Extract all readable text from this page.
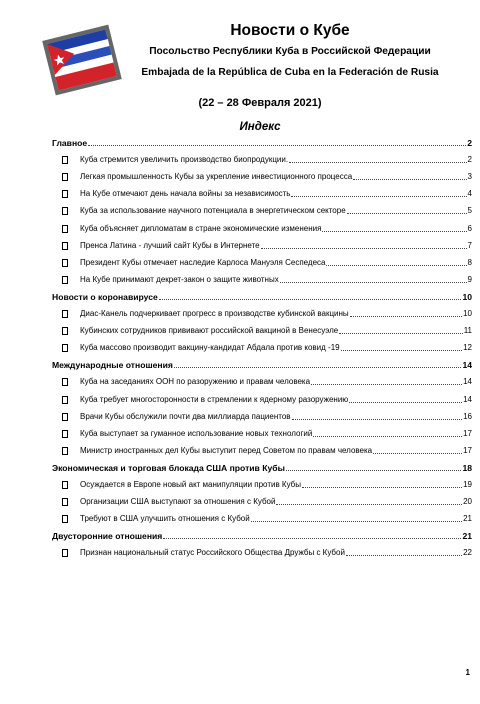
Новости о Кубе
Посольство Республики Куба в Российской Федерации
Embajada de la República de Cuba en la Federación de Rusia
(22 – 28 Февраля 2021)
Индекс
Главное	2
Куба стремится увеличить производство биопродукции.	2
Легкая промышленность Кубы за укрепление инвестиционного процесса	3
На Кубе отмечают день начала войны за независимость	4
Куба за использование научного потенциала в энергетическом секторе	5
Куба объясняет дипломатам в стране экономические изменения	6
Пренса Латина - лучший сайт Кубы в Интернете	7
Президент Кубы отмечает наследие Карлоса Мануэля Сеспедеса	8
На Кубе принимают декрет-закон о защите животных	9
Новости о коронавирусе	10
Диас-Канель подчеркивает прогресс в производстве кубинской вакцины	10
Кубинских сотрудников прививают российской вакциной в Венесуэле	11
Куба массово производит вакцину-кандидат Абдала против ковид -19	12
Международные отношения	14
Куба на заседаниях ООН по разоружению и правам человека	14
Куба требует многосторонности в стремлении к ядерному разоружению	14
Врачи Кубы обслужили почти два миллиарда пациентов	16
Куба выступает за гуманное использование новых технологий	17
Министр иностранных дел Кубы выступит перед Советом по правам человека	17
Экономическая и торговая блокада США против Кубы	18
Осуждается в Европе новый акт манипуляции против Кубы	19
Организации США выступают за отношения с Кубой	20
Требуют в США улучшить отношения с Кубой	21
Двусторонние отношения	21
Признан национальный статус Российского Общества Дружбы с Кубой	22
1
